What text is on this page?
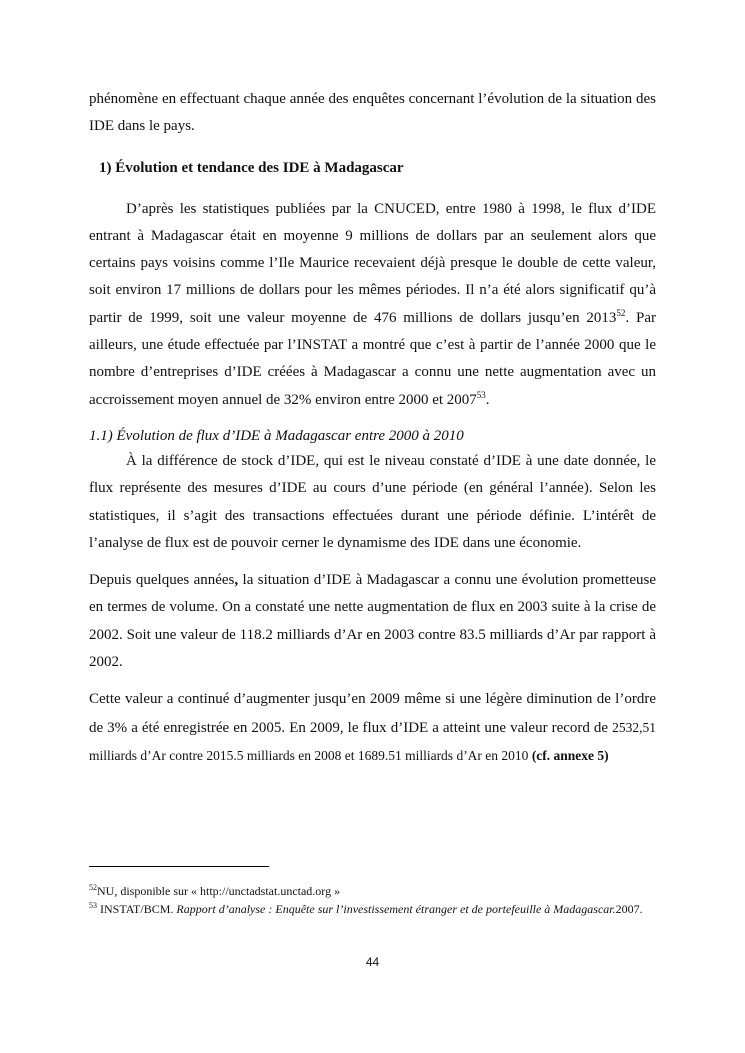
phénomène en effectuant chaque année des enquêtes concernant l’évolution de la situation des IDE dans le pays.

1) Évolution et tendance des IDE à Madagascar

D’après les statistiques publiées par la CNUCED, entre 1980 à 1998, le flux d’IDE entrant à Madagascar était en moyenne 9 millions de dollars par an seulement alors que certains pays voisins comme l’Ile Maurice recevaient déjà presque le double de cette valeur, soit environ 17 millions de dollars pour les mêmes périodes. Il n’a été alors significatif qu’à partir de 1999, soit une valeur moyenne de 476 millions de dollars jusqu’en 2013$^{52}$. Par ailleurs, une étude effectuée par l’INSTAT a montré que c’est à partir de l’année 2000 que le nombre d’entreprises d’IDE créées à Madagascar a connu une nette augmentation avec un accroissement moyen annuel de 32% environ entre 2000 et 2007$^{53}$.

1.1) Évolution de flux d’IDE à Madagascar entre 2000 à 2010

À la différence de stock d’IDE, qui est le niveau constaté d’IDE à une date donnée, le flux représente des mesures d’IDE au cours d’une période (en général l’année). Selon les statistiques, il s’agit des transactions effectuées durant une période définie. L’intérêt de l’analyse de flux est de pouvoir cerner le dynamisme des IDE dans une économie.

Depuis quelques années, la situation d’IDE à Madagascar a connu une évolution prometteuse en termes de volume. On a constaté une nette augmentation de flux en 2003 suite à la crise de 2002. Soit une valeur de 118.2 milliards d’Ar en 2003 contre 83.5 milliards d’Ar par rapport à 2002.

Cette valeur a continué d’augmenter jusqu’en 2009 même si une légère diminution de l’ordre de 3% a été enregistrée en 2005. En 2009, le flux d’IDE a atteint une valeur record de 2532,51 milliards d’Ar contre 2015.5 milliards en 2008 et 1689.51 milliards d’Ar en 2010 (cf. annexe 5)

$^{52}$NU, disponible sur « http://unctadstat.unctad.org »

$^{53}$ INSTAT/BCM. Rapport d’analyse : Enquête sur l’investissement étranger et de portefeuille à Madagascar.2007.

44
